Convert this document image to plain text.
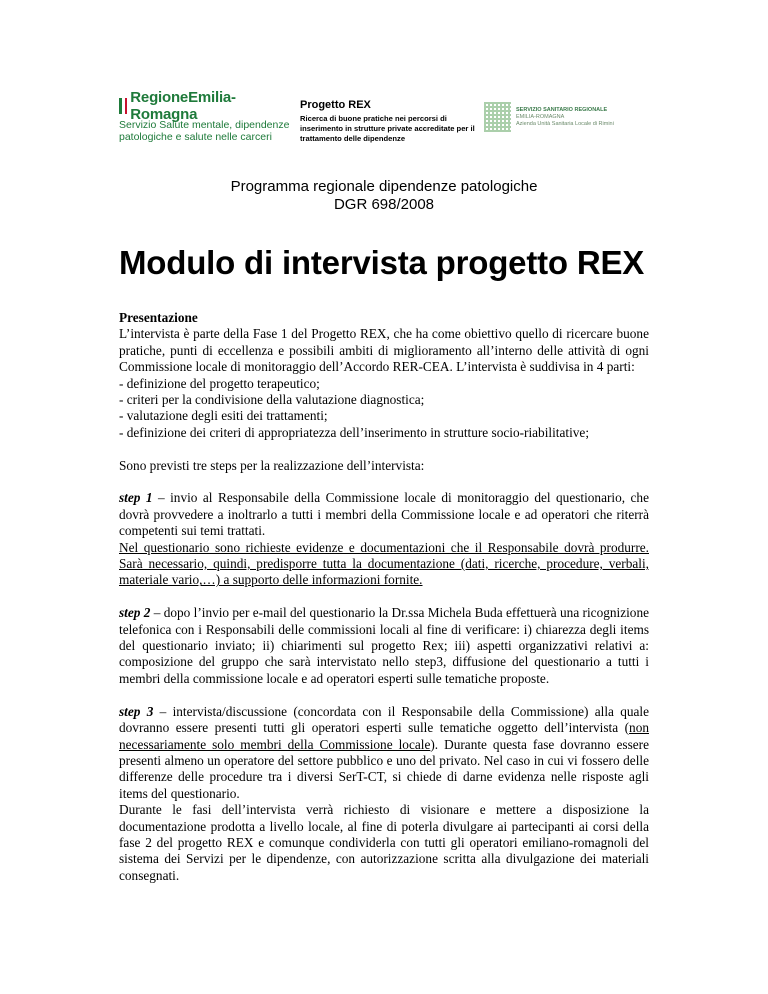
RegioneEmilia-Romagna
Servizio Salute mentale, dipendenze patologiche e salute nelle carceri
Progetto REX
Ricerca di buone pratiche nei percorsi di inserimento in strutture private accreditate per il trattamento delle dipendenze
SERVIZIO SANITARIO REGIONALE
EMILIA-ROMAGNA
Azienda Unità Sanitaria Locale di Rimini
Programma regionale dipendenze patologiche
DGR 698/2008
Modulo di intervista progetto REX

Presentazione

L’intervista è parte della Fase 1 del Progetto REX, che ha come obiettivo quello di ricercare buone pratiche, punti di eccellenza e possibili ambiti di miglioramento all’interno delle attività di ogni Commissione locale di monitoraggio dell’Accordo RER-CEA. L’intervista è suddivisa in 4 parti:

- definizione del progetto terapeutico;

- criteri per la condivisione della valutazione diagnostica;

- valutazione degli esiti dei trattamenti;

- definizione dei criteri di appropriatezza dell’inserimento in strutture socio-riabilitative;

Sono previsti tre steps per la realizzazione dell’intervista:

step 1 – invio al Responsabile della Commissione locale di monitoraggio del questionario, che dovrà provvedere a inoltrarlo a tutti i membri della Commissione locale e ad operatori che riterrà competenti sui temi trattati.

Nel questionario sono richieste evidenze e documentazioni che il Responsabile dovrà produrre. Sarà necessario, quindi, predisporre tutta la documentazione (dati, ricerche, procedure, verbali, materiale vario,…) a supporto delle informazioni fornite.

step 2 – dopo l’invio per e-mail del questionario la Dr.ssa Michela Buda effettuerà una ricognizione telefonica con i Responsabili delle commissioni locali al fine di verificare: i) chiarezza degli items del questionario inviato; ii) chiarimenti sul progetto Rex; iii) aspetti organizzativi relativi a: composizione del gruppo che sarà intervistato nello step3, diffusione del questionario a tutti i membri della commissione locale e ad operatori esperti sulle tematiche proposte.

step 3 – intervista/discussione (concordata con il Responsabile della Commissione) alla quale dovranno essere presenti tutti gli operatori esperti sulle tematiche oggetto dell’intervista (non necessariamente solo membri della Commissione locale). Durante questa fase dovranno essere presenti almeno un operatore del settore pubblico e uno del privato. Nel caso in cui vi fossero delle differenze delle procedure tra i diversi SerT-CT, si chiede di darne evidenza nelle risposte agli items del questionario.

Durante le fasi dell’intervista verrà richiesto di visionare e mettere a disposizione la documentazione prodotta a livello locale, al fine di poterla divulgare ai partecipanti ai corsi della fase 2 del progetto REX e comunque condividerla con tutti gli operatori emiliano-romagnoli del sistema dei Servizi per le dipendenze, con autorizzazione scritta alla divulgazione dei materiali consegnati.
